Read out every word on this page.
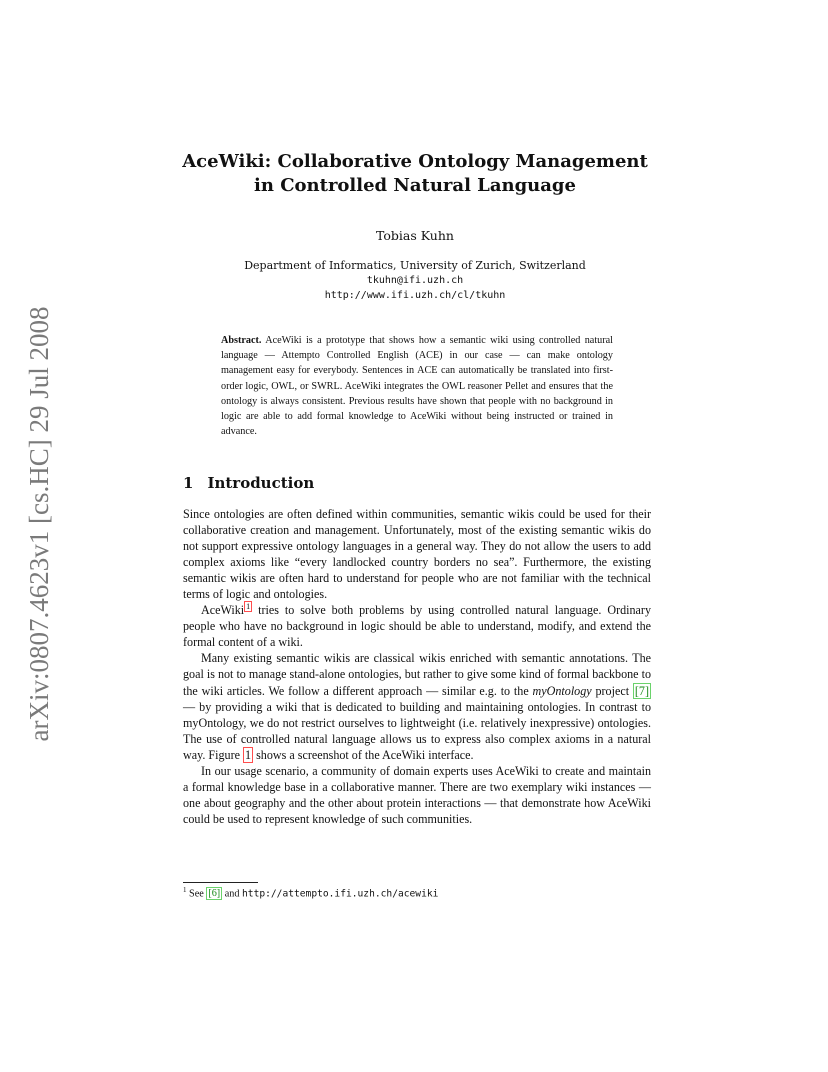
arXiv:0807.4623v1 [cs.HC] 29 Jul 2008
AceWiki: Collaborative Ontology Management
in Controlled Natural Language
Tobias Kuhn
Department of Informatics, University of Zurich, Switzerland
tkuhn@ifi.uzh.ch
http://www.ifi.uzh.ch/cl/tkuhn

Abstract. AceWiki is a prototype that shows how a semantic wiki using controlled natural language — Attempto Controlled English (ACE) in our case — can make ontology management easy for everybody. Sentences in ACE can automatically be translated into first-order logic, OWL, or SWRL. AceWiki integrates the OWL reasoner Pellet and ensures that the ontology is always consistent. Previous results have shown that people with no background in logic are able to add formal knowledge to AceWiki without being instructed or trained in advance.

1 Introduction

Since ontologies are often defined within communities, semantic wikis could be used for their collaborative creation and management. Unfortunately, most of the existing semantic wikis do not support expressive ontology languages in a general way. They do not allow the users to add complex axioms like “every landlocked country borders no sea”. Furthermore, the existing semantic wikis are often hard to understand for people who are not familiar with the technical terms of logic and ontologies.

AceWiki $^1$ tries to solve both problems by using controlled natural language. Ordinary people who have no background in logic should be able to understand, modify, and extend the formal content of a wiki.

Many existing semantic wikis are classical wikis enriched with semantic annotations. The goal is not to manage stand-alone ontologies, but rather to give some kind of formal backbone to the wiki articles. We follow a different approach — similar e.g. to the myOntology project [7] — by providing a wiki that is dedicated to building and maintaining ontologies. In contrast to myOntology, we do not restrict ourselves to lightweight (i.e. relatively inexpressive) ontologies. The use of controlled natural language allows us to express also complex axioms in a natural way. Figure 1 shows a screenshot of the AceWiki interface.

In our usage scenario, a community of domain experts uses AceWiki to create and maintain a formal knowledge base in a collaborative manner. There are two exemplary wiki instances — one about geography and the other about protein interactions — that demonstrate how AceWiki could be used to represent knowledge of such communities.

$^1$ See [6] and http://attempto.ifi.uzh.ch/acewiki
